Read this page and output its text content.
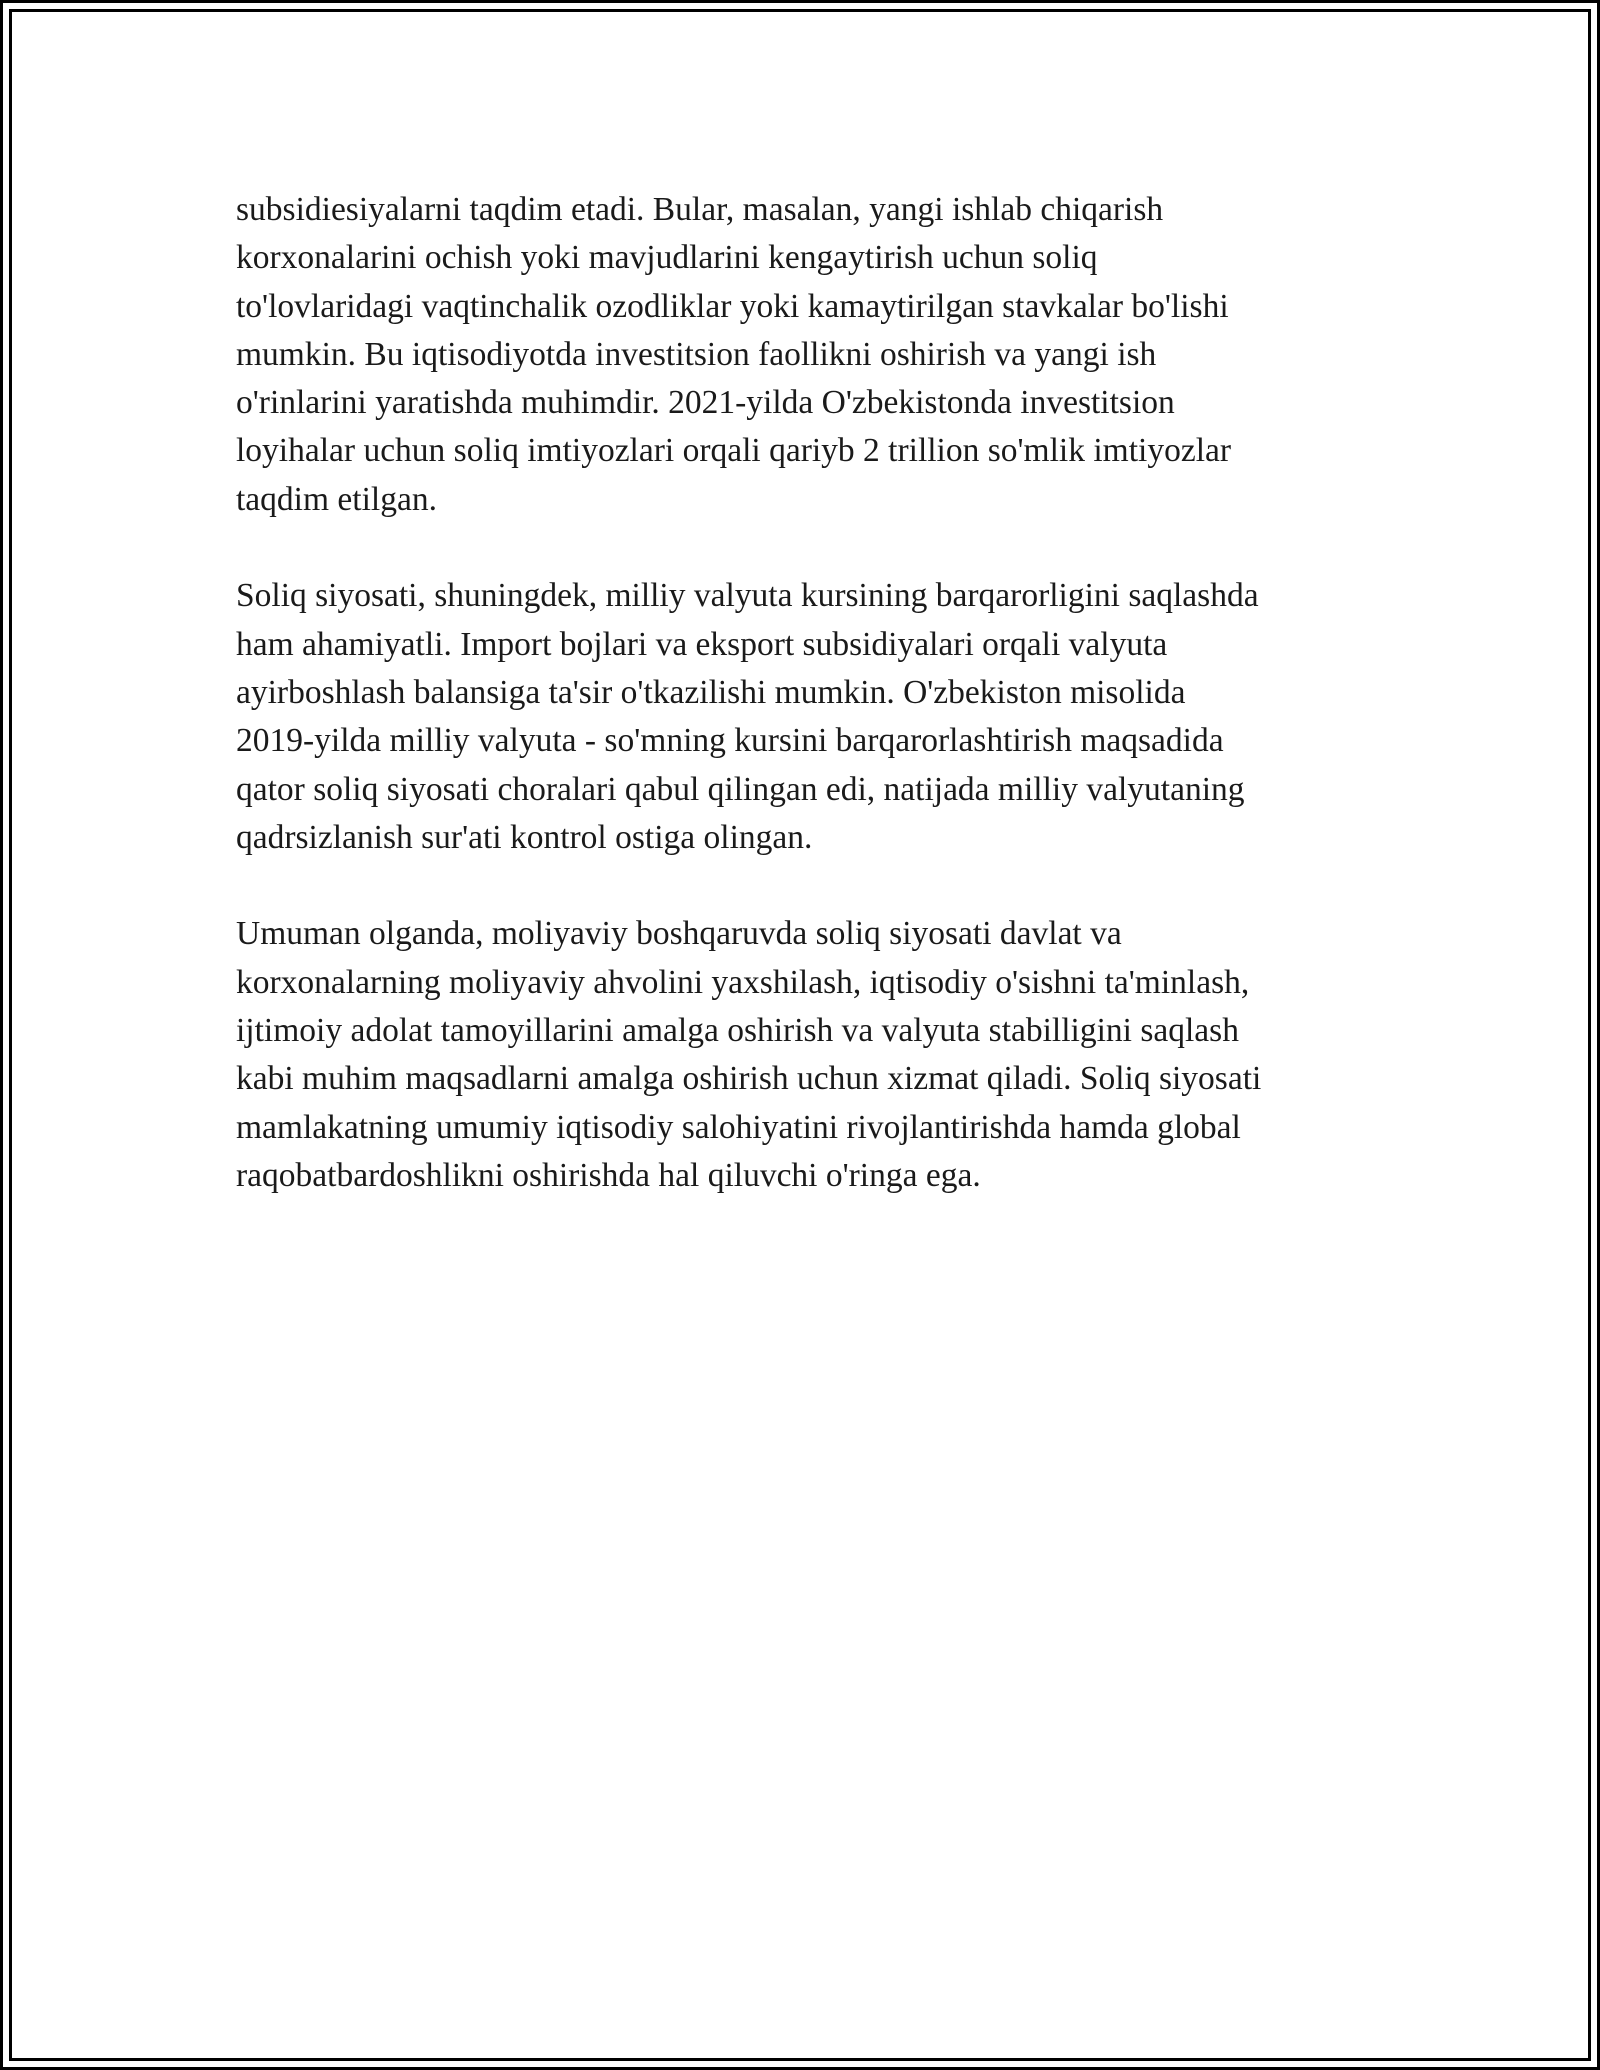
subsidiesiyalarni taqdim etadi. Bular, masalan, yangi ishlab chiqarish
korxonalarini ochish yoki mavjudlarini kengaytirish uchun soliq
to'lovlaridagi vaqtinchalik ozodliklar yoki kamaytirilgan stavkalar bo'lishi
mumkin. Bu iqtisodiyotda investitsion faollikni oshirish va yangi ish
o'rinlarini yaratishda muhimdir. 2021-yilda O'zbekistonda investitsion
loyihalar uchun soliq imtiyozlari orqali qariyb 2 trillion so'mlik imtiyozlar
taqdim etilgan.

Soliq siyosati, shuningdek, milliy valyuta kursining barqarorligini saqlashda
ham ahamiyatli. Import bojlari va eksport subsidiyalari orqali valyuta
ayirboshlash balansiga ta'sir o'tkazilishi mumkin. O'zbekiston misolida
2019-yilda milliy valyuta - so'mning kursini barqarorlashtirish maqsadida
qator soliq siyosati choralari qabul qilingan edi, natijada milliy valyutaning
qadrsizlanish sur'ati kontrol ostiga olingan.

Umuman olganda, moliyaviy boshqaruvda soliq siyosati davlat va
korxonalarning moliyaviy ahvolini yaxshilash, iqtisodiy o'sishni ta'minlash,
ijtimoiy adolat tamoyillarini amalga oshirish va valyuta stabilligini saqlash
kabi muhim maqsadlarni amalga oshirish uchun xizmat qiladi. Soliq siyosati
mamlakatning umumiy iqtisodiy salohiyatini rivojlantirishda hamda global
raqobatbardoshlikni oshirishda hal qiluvchi o'ringa ega.
